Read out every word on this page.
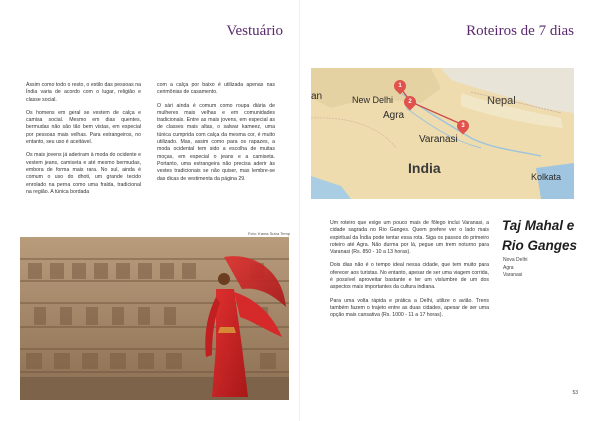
Vestuário

Assim como todo o resto, o estilo das pessoas na Índia varia de acordo com o lugar, religião e classe social.

Os homens em geral se vestem de calça e camisa social. Mesmo em dias quentes, bermudas não são tão bem vistas, em especial por pessoas mais velhas. Para estrangeiros, no entanto, seu uso é aceitável.

Os mais jovens já aderiram à moda do ocidente e vestem jeans, camiseta e até mesmo bermudas, embora de forma mais rara. No sul, ainda é comum o uso do dhoti, um grande tecido enrolado na perna como uma fralda, tradicional na região. A túnica bordada

com a calça por baixo é utilizada apenas nas cerimônias de casamento.

O sári ainda é comum como roupa diária de mulheres mais velhas e em comunidades tradicionais. Entre as mais jovens, em especial as de classes mais altas, o salwar kameez, uma túnica cumprida com calça da mesma cor, é muito utilizado. Mas, assim como para os rapazes, a moda ocidental tem sido a escolha de muitas moças, em especial o jeans e a camiseta. Portanto, uma estrangeira não precisa aderir às vestes tradicionais se não quiser, mas lembre-se das dicas de vestimenta da página 29.

Foto: Kama Sutra Temp
Roteiros de 7 dias
an	New Delhi
Agra
Nepal
Varanasi
India
Kolkata
1
2
3

Um roteiro que exige um pouco mais de fôlego inclui Varanasi, a cidade sagrada no Rio Ganges. Quem prefere ver o lado mais espiritual da Índia pode tentar essa rota. Siga os passos do primeiro roteiro até Agra. Não durma por lá, pegue um trem noturno para Varanasi (Rs. 850 - 10 a 13 horas).

Dois dias não é o tempo ideal nessa cidade, que tem muito para oferecer aos turistas. No entanto, apesar de ser uma viagem corrida, é possível aproveitar bastante e ter um vislumbre de um dos aspectos mais importantes da cultura indiana.

Para uma volta rápida e prática a Delhi, utilize o avião. Trens também fazem o trajeto entre as duas cidades, apesar de ser uma opção mais cansativa (Rs. 1000 - 11 a 17 horas).

Taj Mahal e
Rio Ganges
Nova Delhi
Agra
Varanasi
53
